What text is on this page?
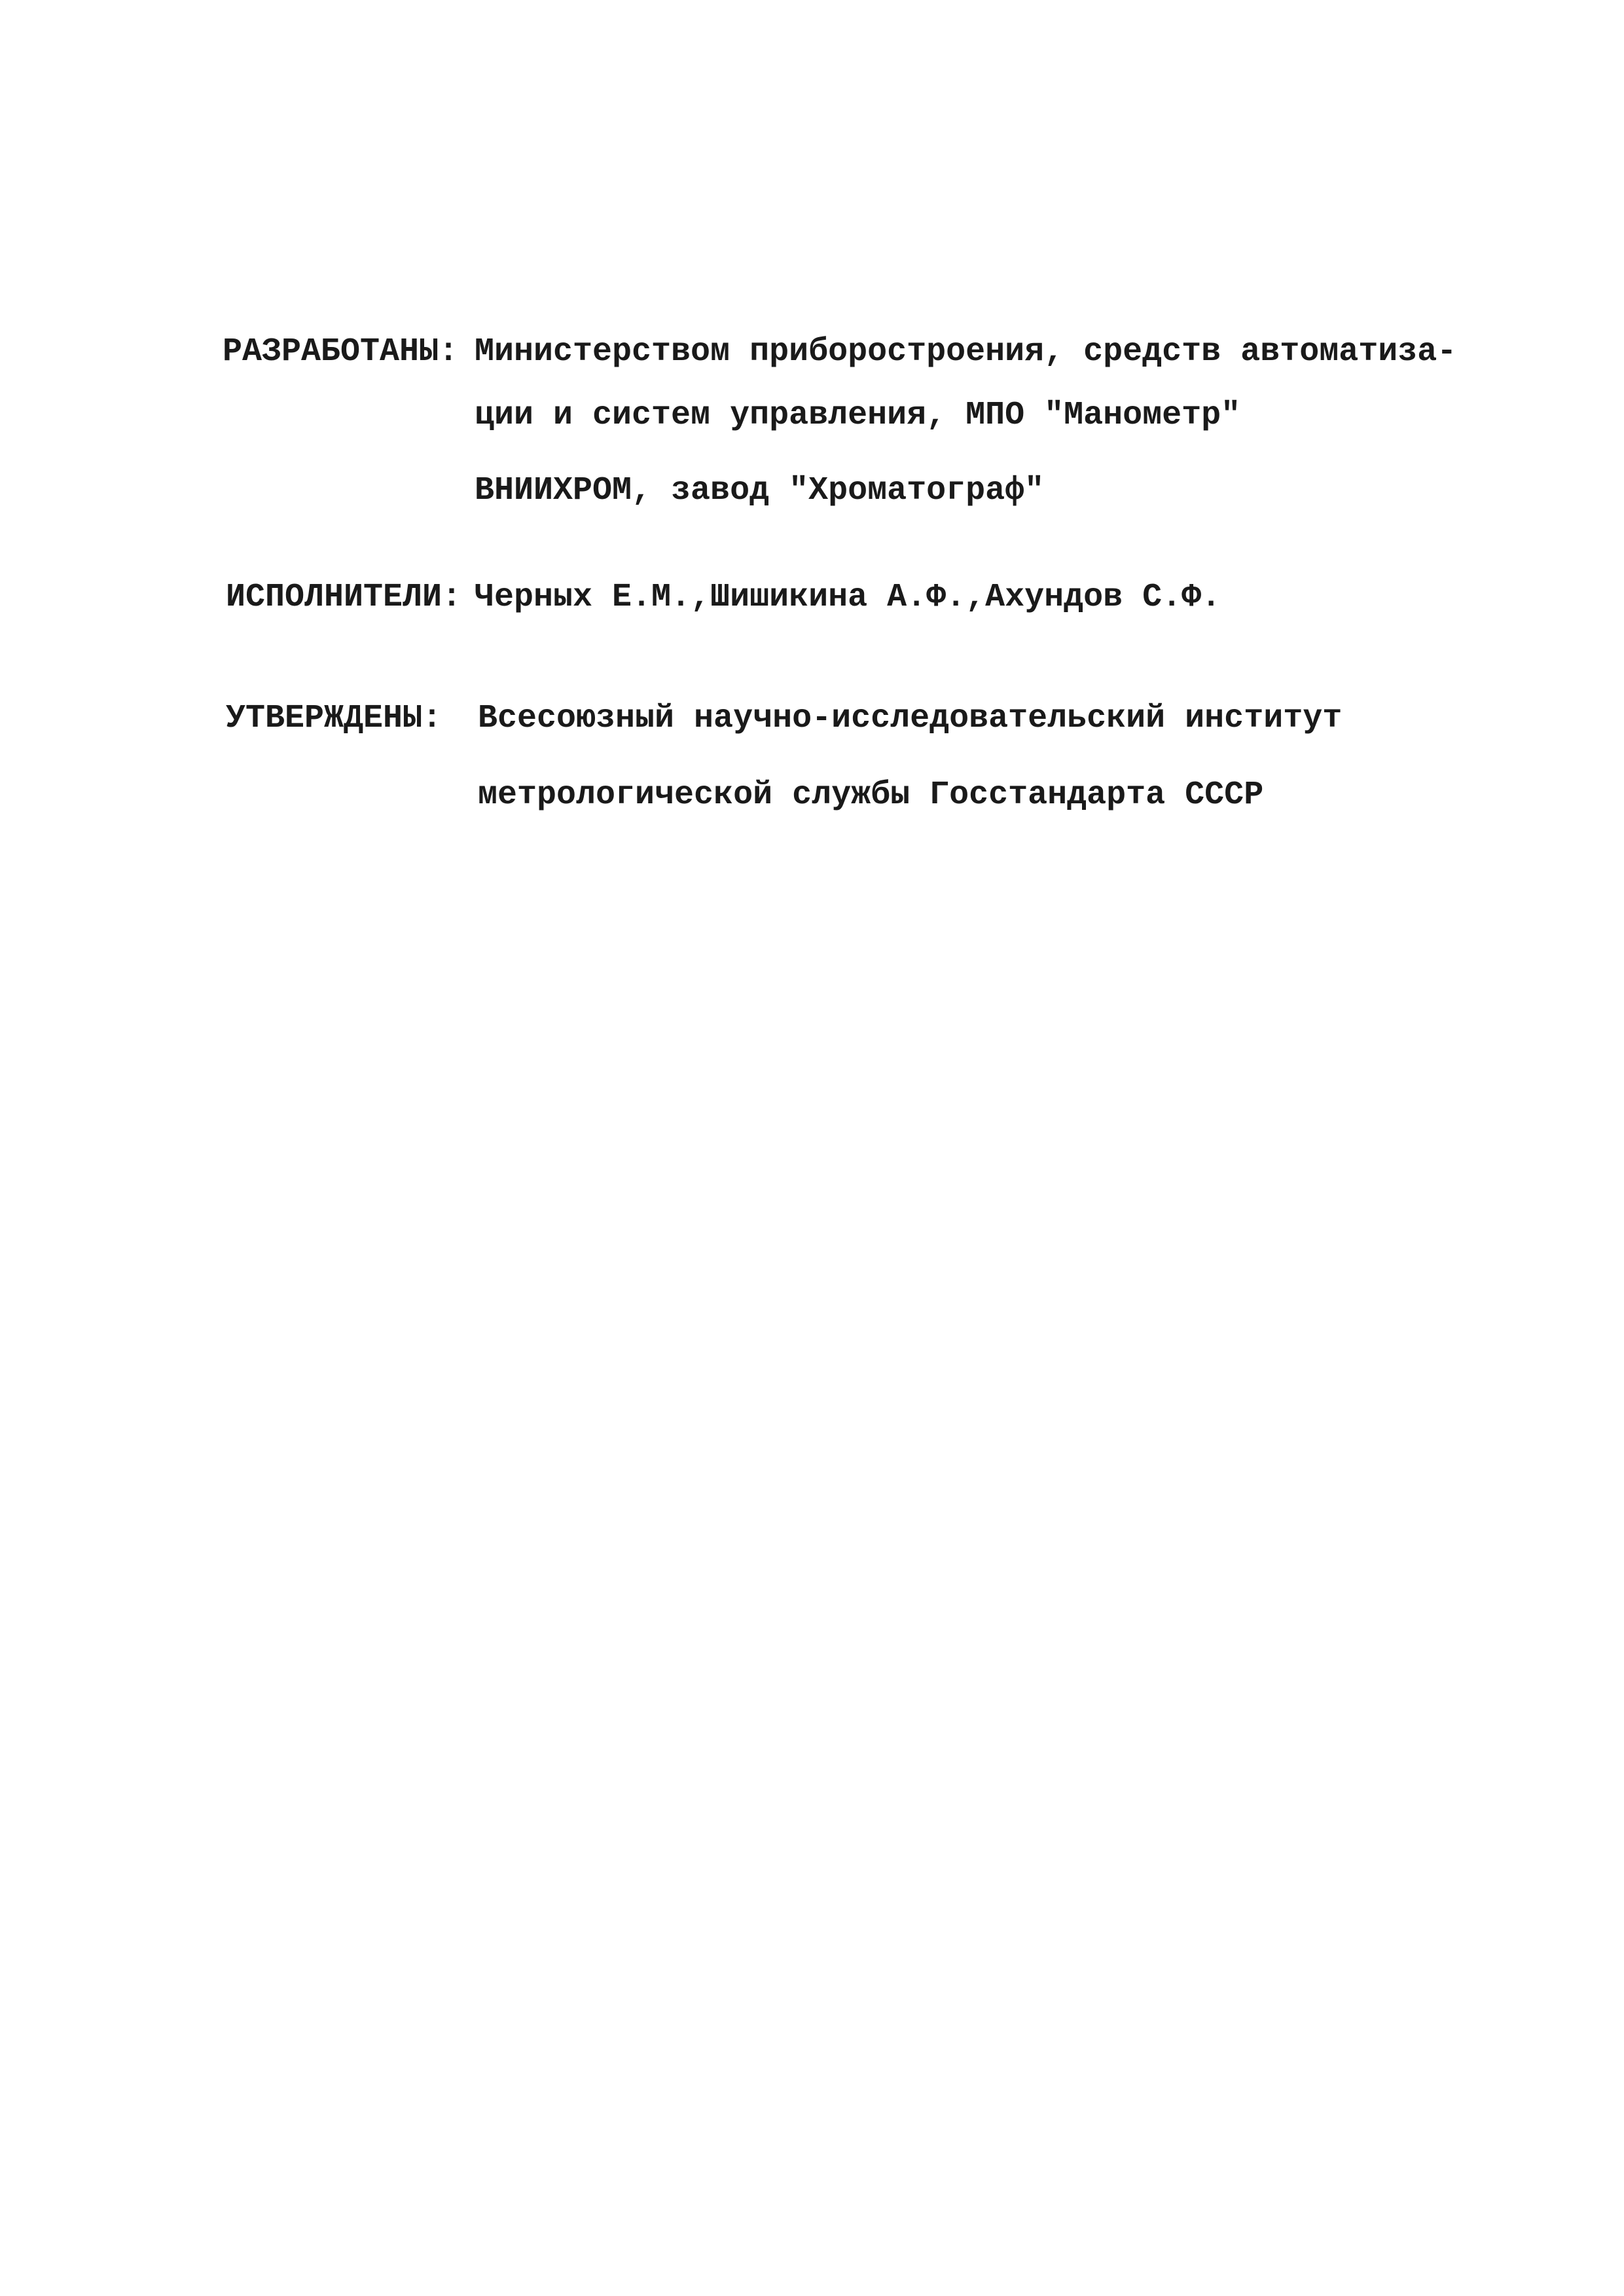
РАЗРАБОТАНЫ: Министерством приборостроения, средств автоматиза-
ции и систем управления, МПО "Манометр"
ВНИИХРОМ, завод "Хроматограф"
ИСПОЛНИТЕЛИ: Черных Е.М.,Шишикина А.Ф.,Ахундов С.Ф.
УТВЕРЖДЕНЫ: Всесоюзный научно-исследовательский институт
метрологической службы Госстандарта СССР
